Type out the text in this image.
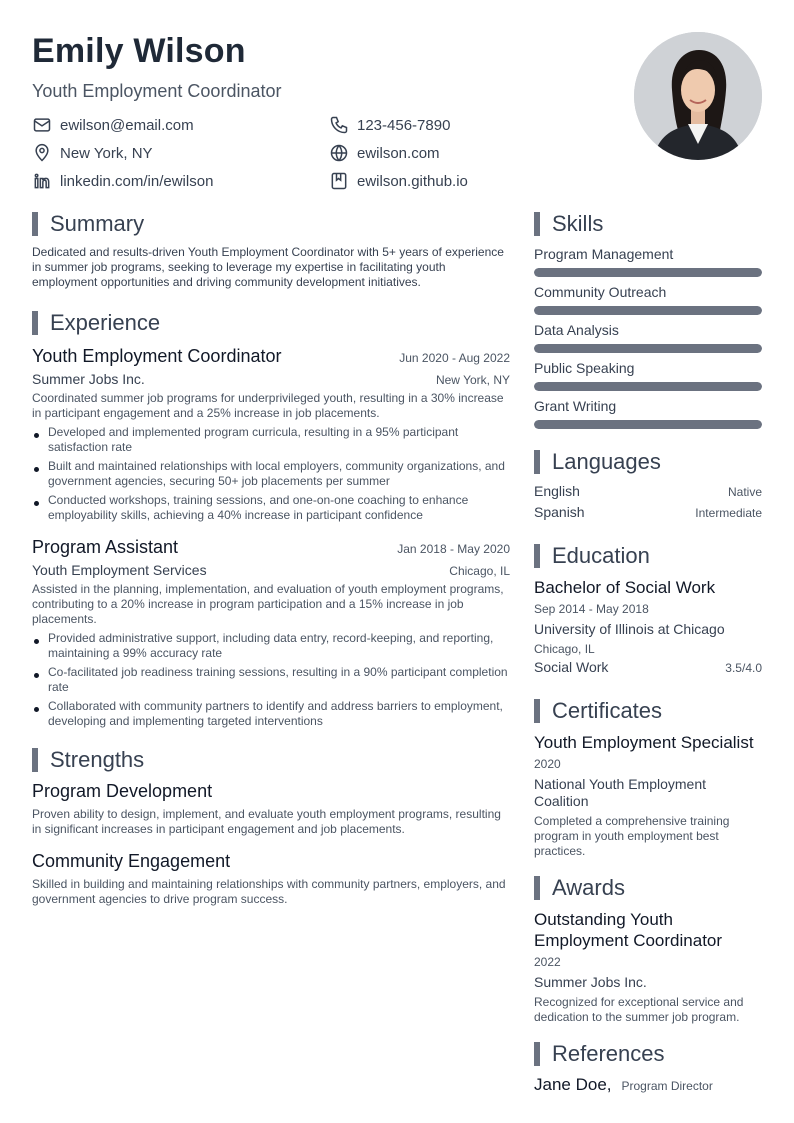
Emily Wilson
Youth Employment Coordinator
ewilson@email.com	123-456-7890
New York, NY	ewilson.com
linkedin.com/in/ewilson	ewilson.github.io
Summary
Dedicated and results-driven Youth Employment Coordinator with 5+ years of experience in summer job programs, seeking to leverage my expertise in facilitating youth employment opportunities and driving community development initiatives.
Experience
Youth Employment Coordinator	Jun 2020 - Aug 2022
Summer Jobs Inc.	New York, NY
Coordinated summer job programs for underprivileged youth, resulting in a 30% increase in participant engagement and a 25% increase in job placements.
Developed and implemented program curricula, resulting in a 95% participant satisfaction rate
Built and maintained relationships with local employers, community organizations, and government agencies, securing 50+ job placements per summer
Conducted workshops, training sessions, and one-on-one coaching to enhance employability skills, achieving a 40% increase in participant confidence
Program Assistant	Jan 2018 - May 2020
Youth Employment Services	Chicago, IL
Assisted in the planning, implementation, and evaluation of youth employment programs, contributing to a 20% increase in program participation and a 15% increase in job placements.
Provided administrative support, including data entry, record-keeping, and reporting, maintaining a 99% accuracy rate
Co-facilitated job readiness training sessions, resulting in a 90% participant completion rate
Collaborated with community partners to identify and address barriers to employment, developing and implementing targeted interventions
Strengths
Program Development
Proven ability to design, implement, and evaluate youth employment programs, resulting in significant increases in participant engagement and job placements.
Community Engagement
Skilled in building and maintaining relationships with community partners, employers, and government agencies to drive program success.
Skills
Program Management
Community Outreach
Data Analysis
Public Speaking
Grant Writing
Languages
English	Native
Spanish	Intermediate
Education
Bachelor of Social Work
Sep 2014 - May 2018
University of Illinois at Chicago
Chicago, IL
Social Work	3.5/4.0
Certificates
Youth Employment Specialist
2020
National Youth Employment Coalition
Completed a comprehensive training program in youth employment best practices.
Awards
Outstanding Youth Employment Coordinator
2022
Summer Jobs Inc.
Recognized for exceptional service and dedication to the summer job program.
References
Jane Doe, Program Director
